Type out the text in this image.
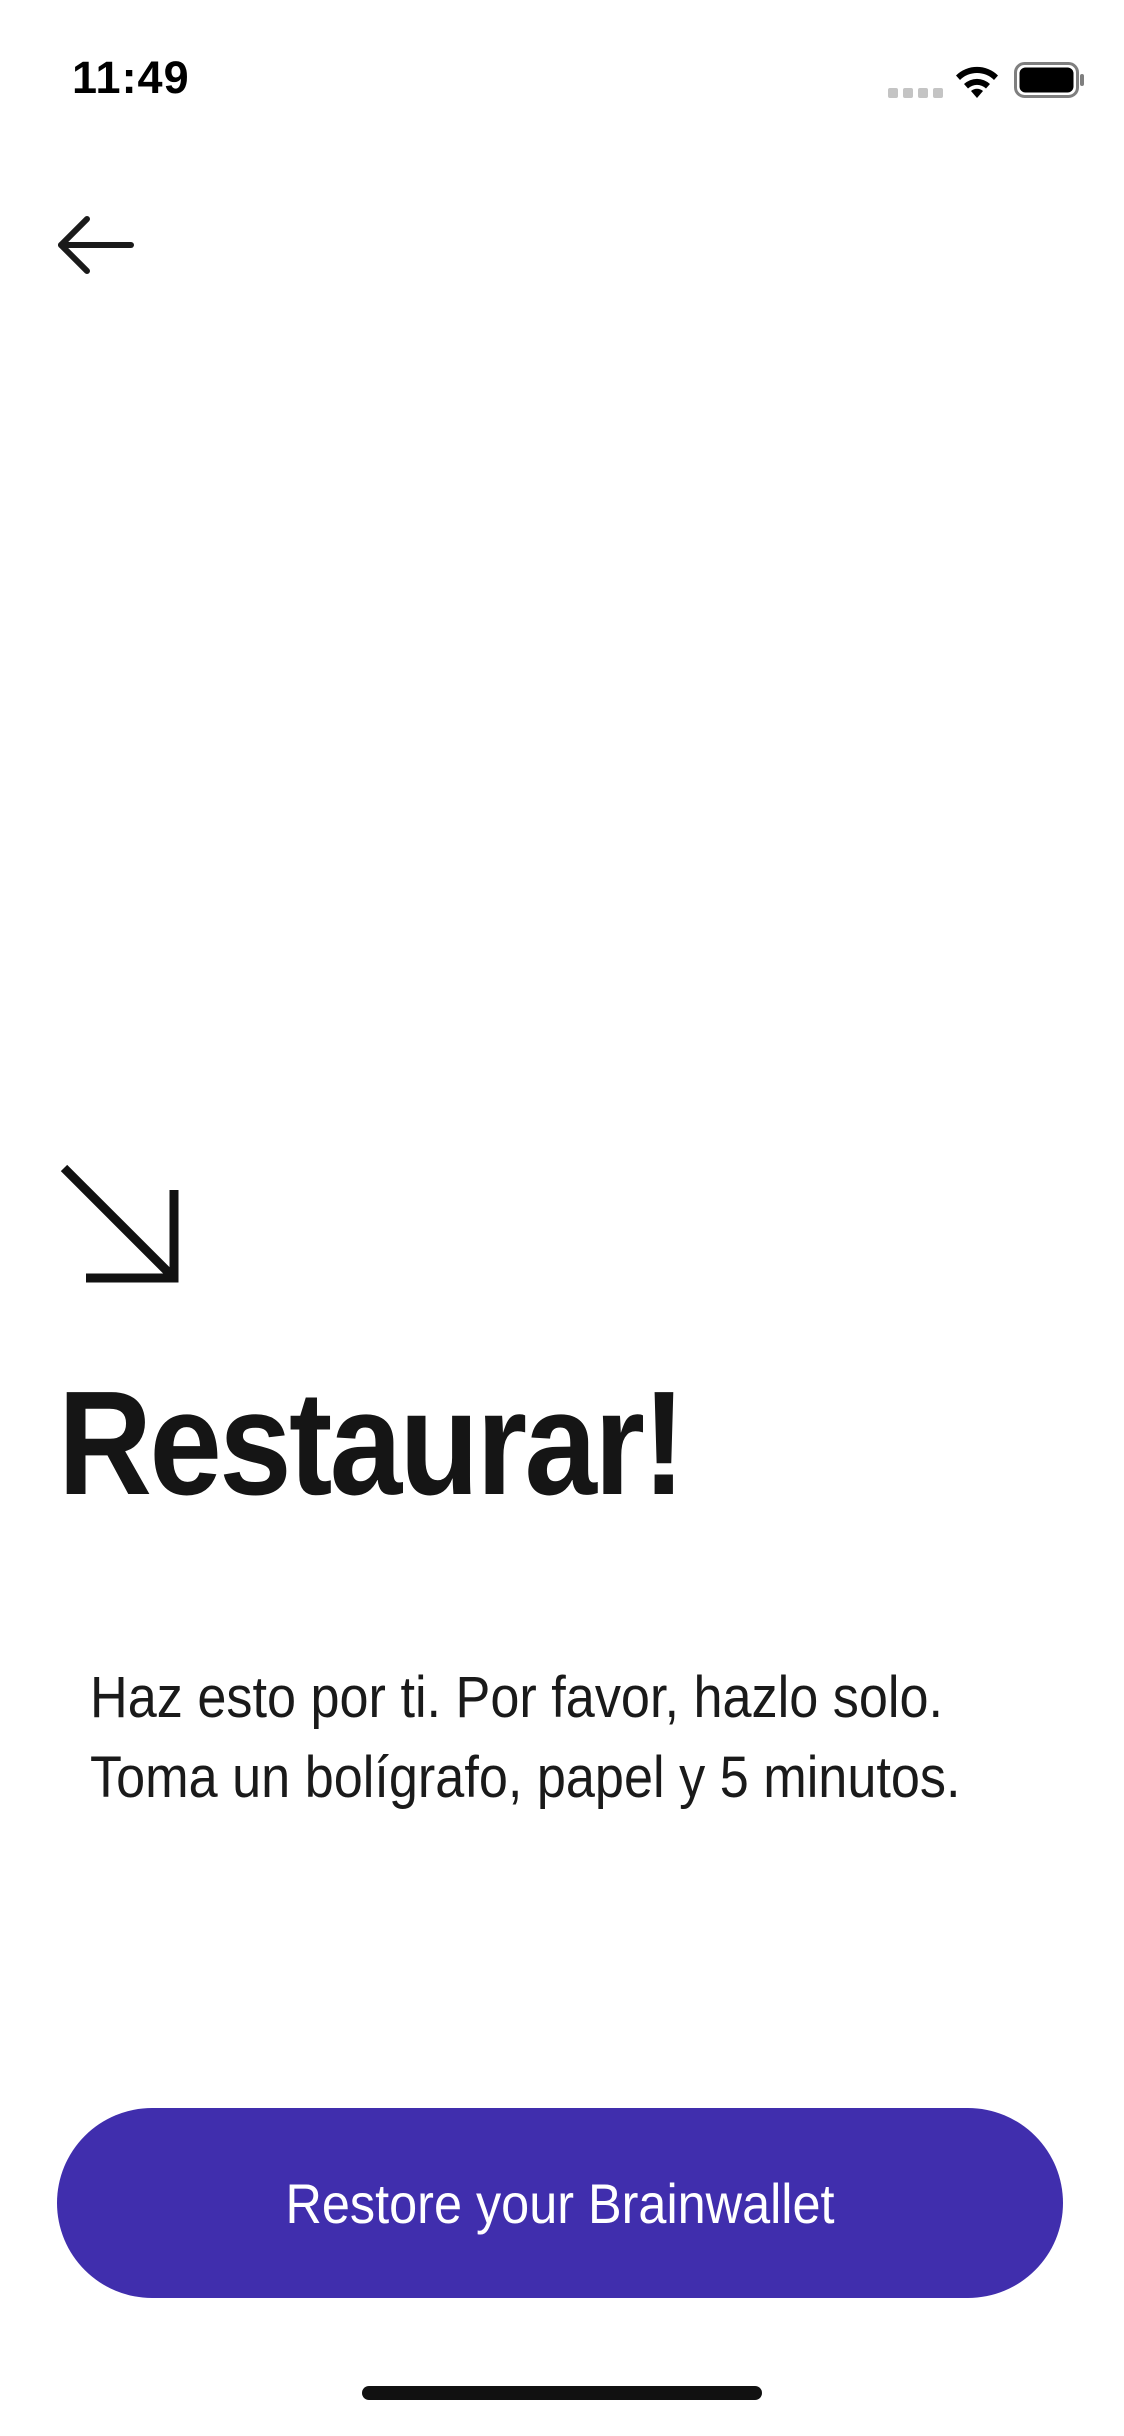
11:49
Restaurar!
Haz esto por ti. Por favor, hazlo solo.
Toma un bolígrafo, papel y 5 minutos.
Restore your Brainwallet
